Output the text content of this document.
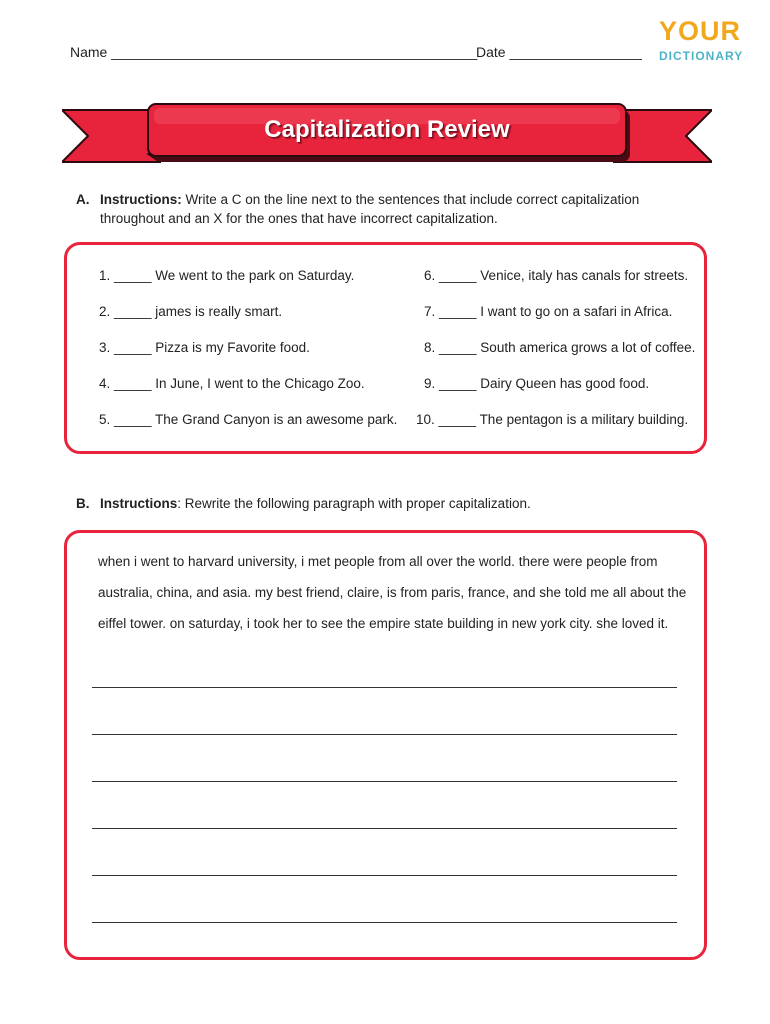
Name _______________________________________________
Date _________________
YOUR
DICTIONARY
Capitalization Review
A. Instructions: Write a C on the line next to the sentences that include correct capitalization
throughout and an X for the ones that have incorrect capitalization.
1. _____ We went to the park on Saturday.
2. _____ james is really smart.
3. _____ Pizza is my Favorite food.
4. _____ In June, I went to the Chicago Zoo.
5. _____ The Grand Canyon is an awesome park.
6. _____ Venice, italy has canals for streets.
7. _____ I want to go on a safari in Africa.
8. _____ South america grows a lot of coffee.
9. _____ Dairy Queen has good food.
10. _____ The pentagon is a military building.
B. Instructions: Rewrite the following paragraph with proper capitalization.
when i went to harvard university, i met people from all over the world. there were people from
australia, china, and asia. my best friend, claire, is from paris, france, and she told me all about the
eiffel tower. on saturday, i took her to see the empire state building in new york city. she loved it.
